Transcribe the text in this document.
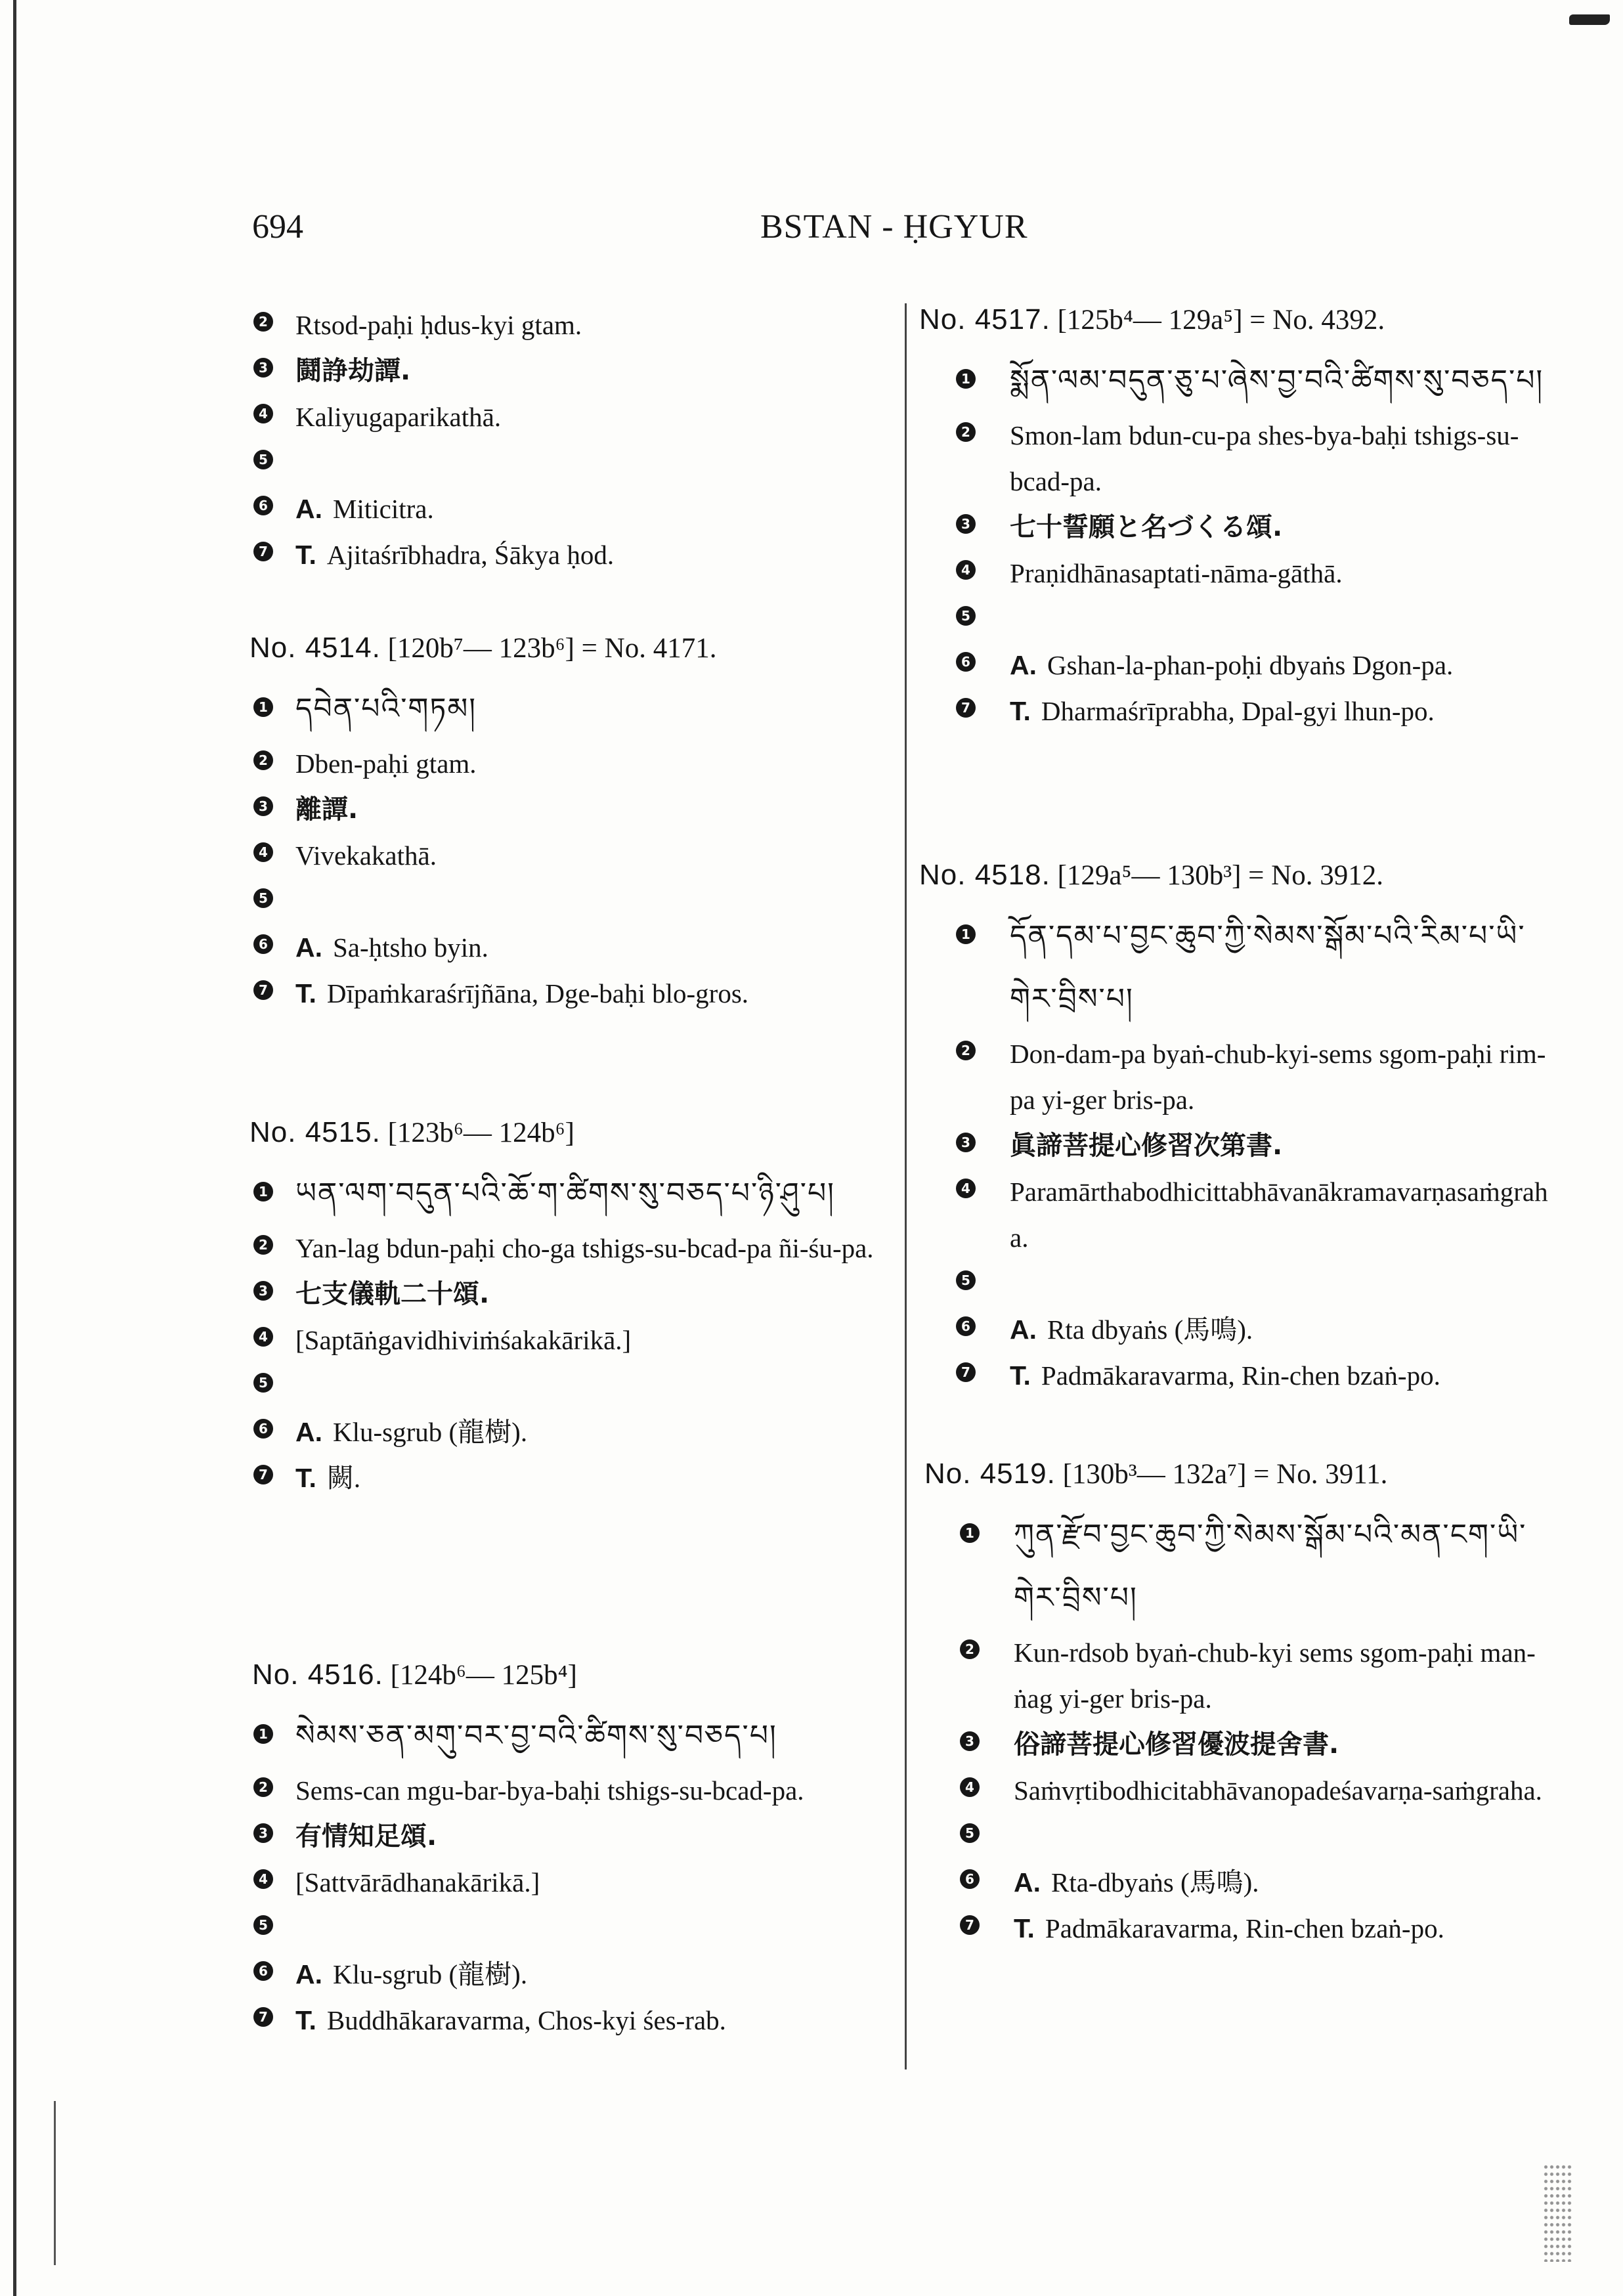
694	BSTAN - ḤGYUR
2 Rtsod-paḥi ḥdus-kyi gtam.
3 鬪諍劫譚.
4 Kaliyugaparikathā.
5
6 A. Miticitra.
7 T. Ajitaśrībhadra, Śākya ḥod.
No. 4514. [120b⁷— 123b⁶] = No. 4171.
1 དབེན་པའི་གཏམ།
2 Dben-paḥi gtam.
3 離譚.
4 Vivekakathā.
5
6 A. Sa-ḥtsho byin.
7 T. Dīpaṁkaraśrījñāna, Dge-baḥi blo-gros.
No. 4515. [123b⁶— 124b⁶]
1 ཡན་ལག་བདུན་པའི་ཆོ་ག་ཚིགས་སུ་བཅད་པ་ཉི་ཤུ་པ།
2 Yan-lag bdun-paḥi cho-ga tshigs-su-bcad-pa ñi-śu-pa.
3 七支儀軌二十頌.
4 [Saptāṅgavidhiviṁśakakārikā.]
5
6 A. Klu-sgrub (龍樹).
7 T. 闕.
No. 4516. [124b⁶— 125b⁴]
1 སེམས་ཅན་མགུ་བར་བྱ་བའི་ཚིགས་སུ་བཅད་པ།
2 Sems-can mgu-bar-bya-baḥi tshigs-su-bcad-pa.
3 有情知足頌.
4 [Sattvārādhanakārikā.]
5
6 A. Klu-sgrub (龍樹).
7 T. Buddhākaravarma, Chos-kyi śes-rab.
No. 4517. [125b⁴— 129a⁵] = No. 4392.
1 སྨོན་ལམ་བདུན་ཅུ་པ་ཞེས་བྱ་བའི་ཚིགས་སུ་བཅད་པ།
2 Smon-lam bdun-cu-pa shes-bya-baḥi tshigs-su-bcad-pa.
3 七十誓願と名づくる頌.
4 Praṇidhānasaptati-nāma-gāthā.
5
6 A. Gshan-la-phan-poḥi dbyaṅs Dgon-pa.
7 T. Dharmaśrīprabha, Dpal-gyi lhun-po.
No. 4518. [129a⁵— 130b³] = No. 3912.
1 དོན་དམ་པ་བྱང་ཆུབ་ཀྱི་སེམས་སྒོམ་པའི་རིམ་པ་ཡི་གེར་བྲིས་པ།
2 Don-dam-pa byaṅ-chub-kyi-sems sgom-paḥi rim-pa yi-ger bris-pa.
3 眞諦菩提心修習次第書.
4 Paramārthabodhicittabhāvanākramavarṇasaṁgraha.
5
6 A. Rta dbyaṅs (馬鳴).
7 T. Padmākaravarma, Rin-chen bzaṅ-po.
No. 4519. [130b³— 132a⁷] = No. 3911.
1 ཀུན་རྫོབ་བྱང་ཆུབ་ཀྱི་སེམས་སྒོམ་པའི་མན་ངག་ཡི་གེར་བྲིས་པ།
2 Kun-rdsob byaṅ-chub-kyi sems sgom-paḥi man-ṅag yi-ger bris-pa.
3 俗諦菩提心修習優波提舍書.
4 Saṁvṛtibodhicitabhāvanopadeśavarṇa-saṁgraha.
5
6 A. Rta-dbyaṅs (馬鳴).
7 T. Padmākaravarma, Rin-chen bzaṅ-po.
